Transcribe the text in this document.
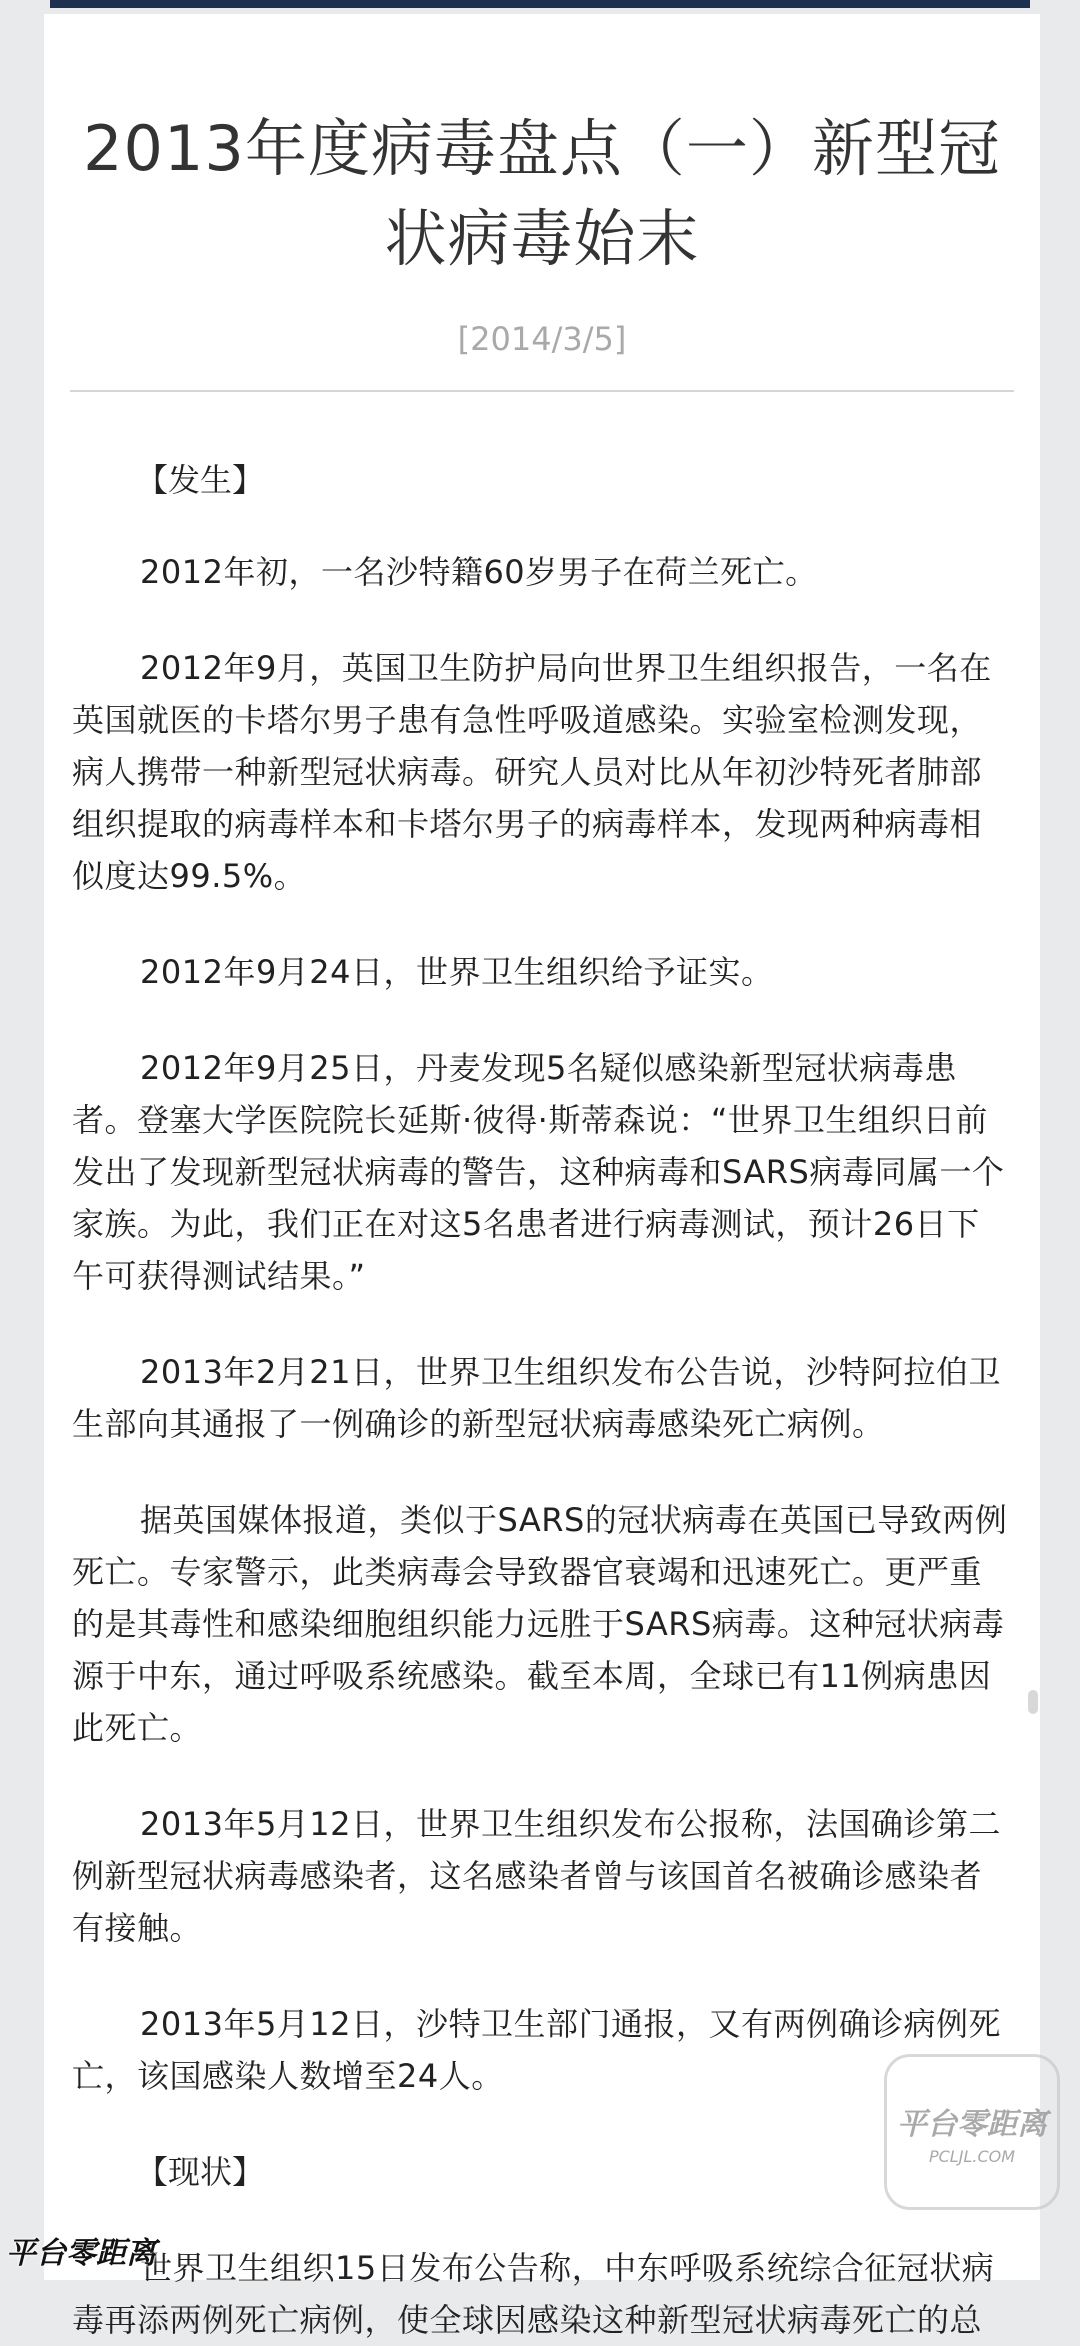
2013年度病毒盘点（一）新型冠状病毒始末
[2014/3/5]
【发生】

2012年初，一名沙特籍60岁男子在荷兰死亡。

2012年9月，英国卫生防护局向世界卫生组织报告，一名在英国就医的卡塔尔男子患有急性呼吸道感染。实验室检测发现，病人携带一种新型冠状病毒。研究人员对比从年初沙特死者肺部组织提取的病毒样本和卡塔尔男子的病毒样本，发现两种病毒相似度达99.5%。

2012年9月24日，世界卫生组织给予证实。

2012年9月25日，丹麦发现5名疑似感染新型冠状病毒患者。登塞大学医院院长延斯·彼得·斯蒂森说：“世界卫生组织日前发出了发现新型冠状病毒的警告，这种病毒和SARS病毒同属一个家族。为此，我们正在对这5名患者进行病毒测试，预计26日下午可获得测试结果。”

2013年2月21日，世界卫生组织发布公告说，沙特阿拉伯卫生部向其通报了一例确诊的新型冠状病毒感染死亡病例。

据英国媒体报道，类似于SARS的冠状病毒在英国已导致两例死亡。专家警示，此类病毒会导致器官衰竭和迅速死亡。更严重的是其毒性和感染细胞组织能力远胜于SARS病毒。这种冠状病毒源于中东，通过呼吸系统感染。截至本周，全球已有11例病患因此死亡。

2013年5月12日，世界卫生组织发布公报称，法国确诊第二例新型冠状病毒感染者，这名感染者曾与该国首名被确诊感染者有接触。

2013年5月12日，沙特卫生部门通报，又有两例确诊病例死亡，该国感染人数增至24人。

【现状】

世界卫生组织15日发布公告称，中东呼吸系统综合征冠状病毒再添两例死亡病例，使全球因感染这种新型冠状病毒死亡的总

平台零距离
PCLJL.COM
平台零距离
